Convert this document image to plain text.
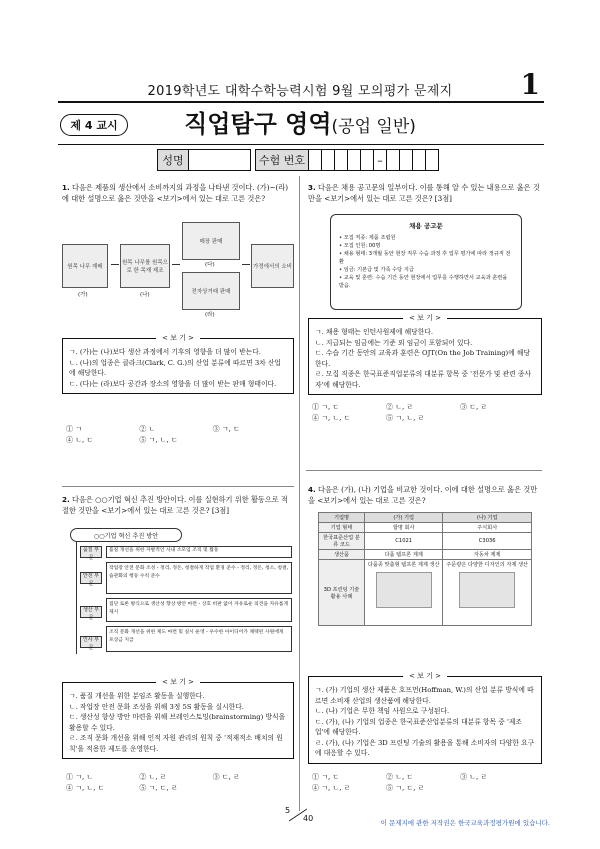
2019학년도 대학수학능력시험 9월 모의평가 문제지	1
제 4 교시	직업탐구 영역(공업 일반)
성명	수험 번호	–
1. 다음은 제품의 생산에서 소비까지의 과정을 나타낸 것이다. (가)~(라)에 대한 설명으로 옳은 것만을 <보기>에서 있는 대로 고른 것은?
원목 나무 재배
(가)
원목 나무를 원목으로 한 목재 제조
(나)
매장 판매
(다)
전자상거래 판매
(라)
가정에서의 소비
< 보 기 >
ㄱ. (가)는 (나)보다 생산 과정에서 기후의 영향을 더 많이 받는다.
ㄴ. (나)의 업종은 클라크(Clark, C. G.)의 산업 분류에 따르면 3차 산업에 해당한다.
ㄷ. (다)는 (라)보다 공간과 장소의 영향을 더 많이 받는 판매 형태이다.
① ㄱ	② ㄴ	③ ㄱ, ㄷ
④ ㄴ, ㄷ	⑤ ㄱ, ㄴ, ㄷ
2. 다음은 ○○기업 혁신 추진 방안이다. 이를 실현하기 위한 활동으로 적절한 것만을 <보기>에서 있는 대로 고른 것은? [3점]
○○기업 혁신 추진 방안
품질 부문
품질 개선을 위한 자발적인 사내 소모임 조직 및 활동
안전 부문
작업장 안전 문화 조성 - 정리, 정돈, 청결하게 작업 환경 준수 - 정리, 정돈, 청소, 청결, 습관화의 행동 수칙 준수
생산 부문
집단 토론 방식으로 생산성 향상 방안 마련 - 상호 비판 없이 자유로운 의견을 자유롭게 제시
인사 부문
조직 문화 개선을 위한 제도 마련 및 실시 운영 - 우수한 아이디어가 채택된 사원에게 포상금 지급
< 보 기 >
ㄱ. 품질 개선을 위한 분임조 활동을 실행한다.
ㄴ. 작업장 안전 문화 조성을 위해 3정 5S 활동을 실시한다.
ㄷ. 생산성 향상 방안 마련을 위해 브레인스토밍(brainstorming) 방식을 활용할 수 있다.
ㄹ. 조직 문화 개선을 위해 인적 자원 관리의 원칙 중 '적재적소 배치의 원칙'을 적용한 제도를 운영한다.
① ㄱ, ㄴ	② ㄴ, ㄹ	③ ㄷ, ㄹ
④ ㄱ, ㄴ, ㄷ	⑤ ㄱ, ㄷ, ㄹ
3. 다음은 채용 공고문의 일부이다. 이를 통해 알 수 있는 내용으로 옳은 것만을 <보기>에서 있는 대로 고른 것은? [3점]
채용 공고문
• 모집 직종: 제품 조립원
• 모집 인원: 00명
• 채용 형태: 3개월 동안 현장 직무 수습 과정 후 업무 평가에 따라 정규직 전환
• 임금: 기본급 및 가족 수당 지급
• 교육 및 훈련: 수습 기간 동안 현장에서 업무를 수행하면서 교육과 훈련을 받음.
< 보 기 >
ㄱ. 채용 형태는 인턴사원제에 해당한다.
ㄴ. 지급되는 임금에는 기준 외 임금이 포함되어 있다.
ㄷ. 수습 기간 동안의 교육과 훈련은 OJT(On the Job Training)에 해당한다.
ㄹ. 모집 직종은 한국표준직업분류의 대분류 항목 중 '전문가 및 관련 종사자'에 해당한다.
① ㄱ, ㄷ	② ㄴ, ㄹ	③ ㄷ, ㄹ
④ ㄱ, ㄴ, ㄷ	⑤ ㄱ, ㄴ, ㄹ
4. 다음은 (가), (나) 기업을 비교한 것이다. 이에 대한 설명으로 옳은 것만을 <보기>에서 있는 대로 고른 것은?
기업명	(가) 기업	(나) 기업
기업 형태	합명 회사	주식회사
한국표준산업 분류 코드	C1021	C3036
생산품	다품 템프론 제제	자동차 제제
3D 프린팅 기술 활용 사례	다품종 맞춤형 템프론 제제 생산	주문량은 다양한 디자인의 자제 생산
< 보 기 >
ㄱ. (가) 기업의 생산 제품은 호프먼(Hoffman, W.)의 산업 분류 방식에 따르면 소비재 산업의 생산품에 해당한다.
ㄴ. (나) 기업은 무한 책임 사원으로 구성된다.
ㄷ. (가), (나) 기업의 업종은 한국표준산업분류의 대분류 항목 중 '제조업'에 해당한다.
ㄹ. (가), (나) 기업은 3D 프린팅 기술의 활용을 통해 소비자의 다양한 요구에 대응할 수 있다.
① ㄱ, ㄷ	② ㄴ, ㄷ	③ ㄴ, ㄹ
④ ㄱ, ㄴ, ㄹ	⑤ ㄱ, ㄷ, ㄹ
5
40	이 문제지에 관한 저작권은 한국교육과정평가원에 있습니다.
